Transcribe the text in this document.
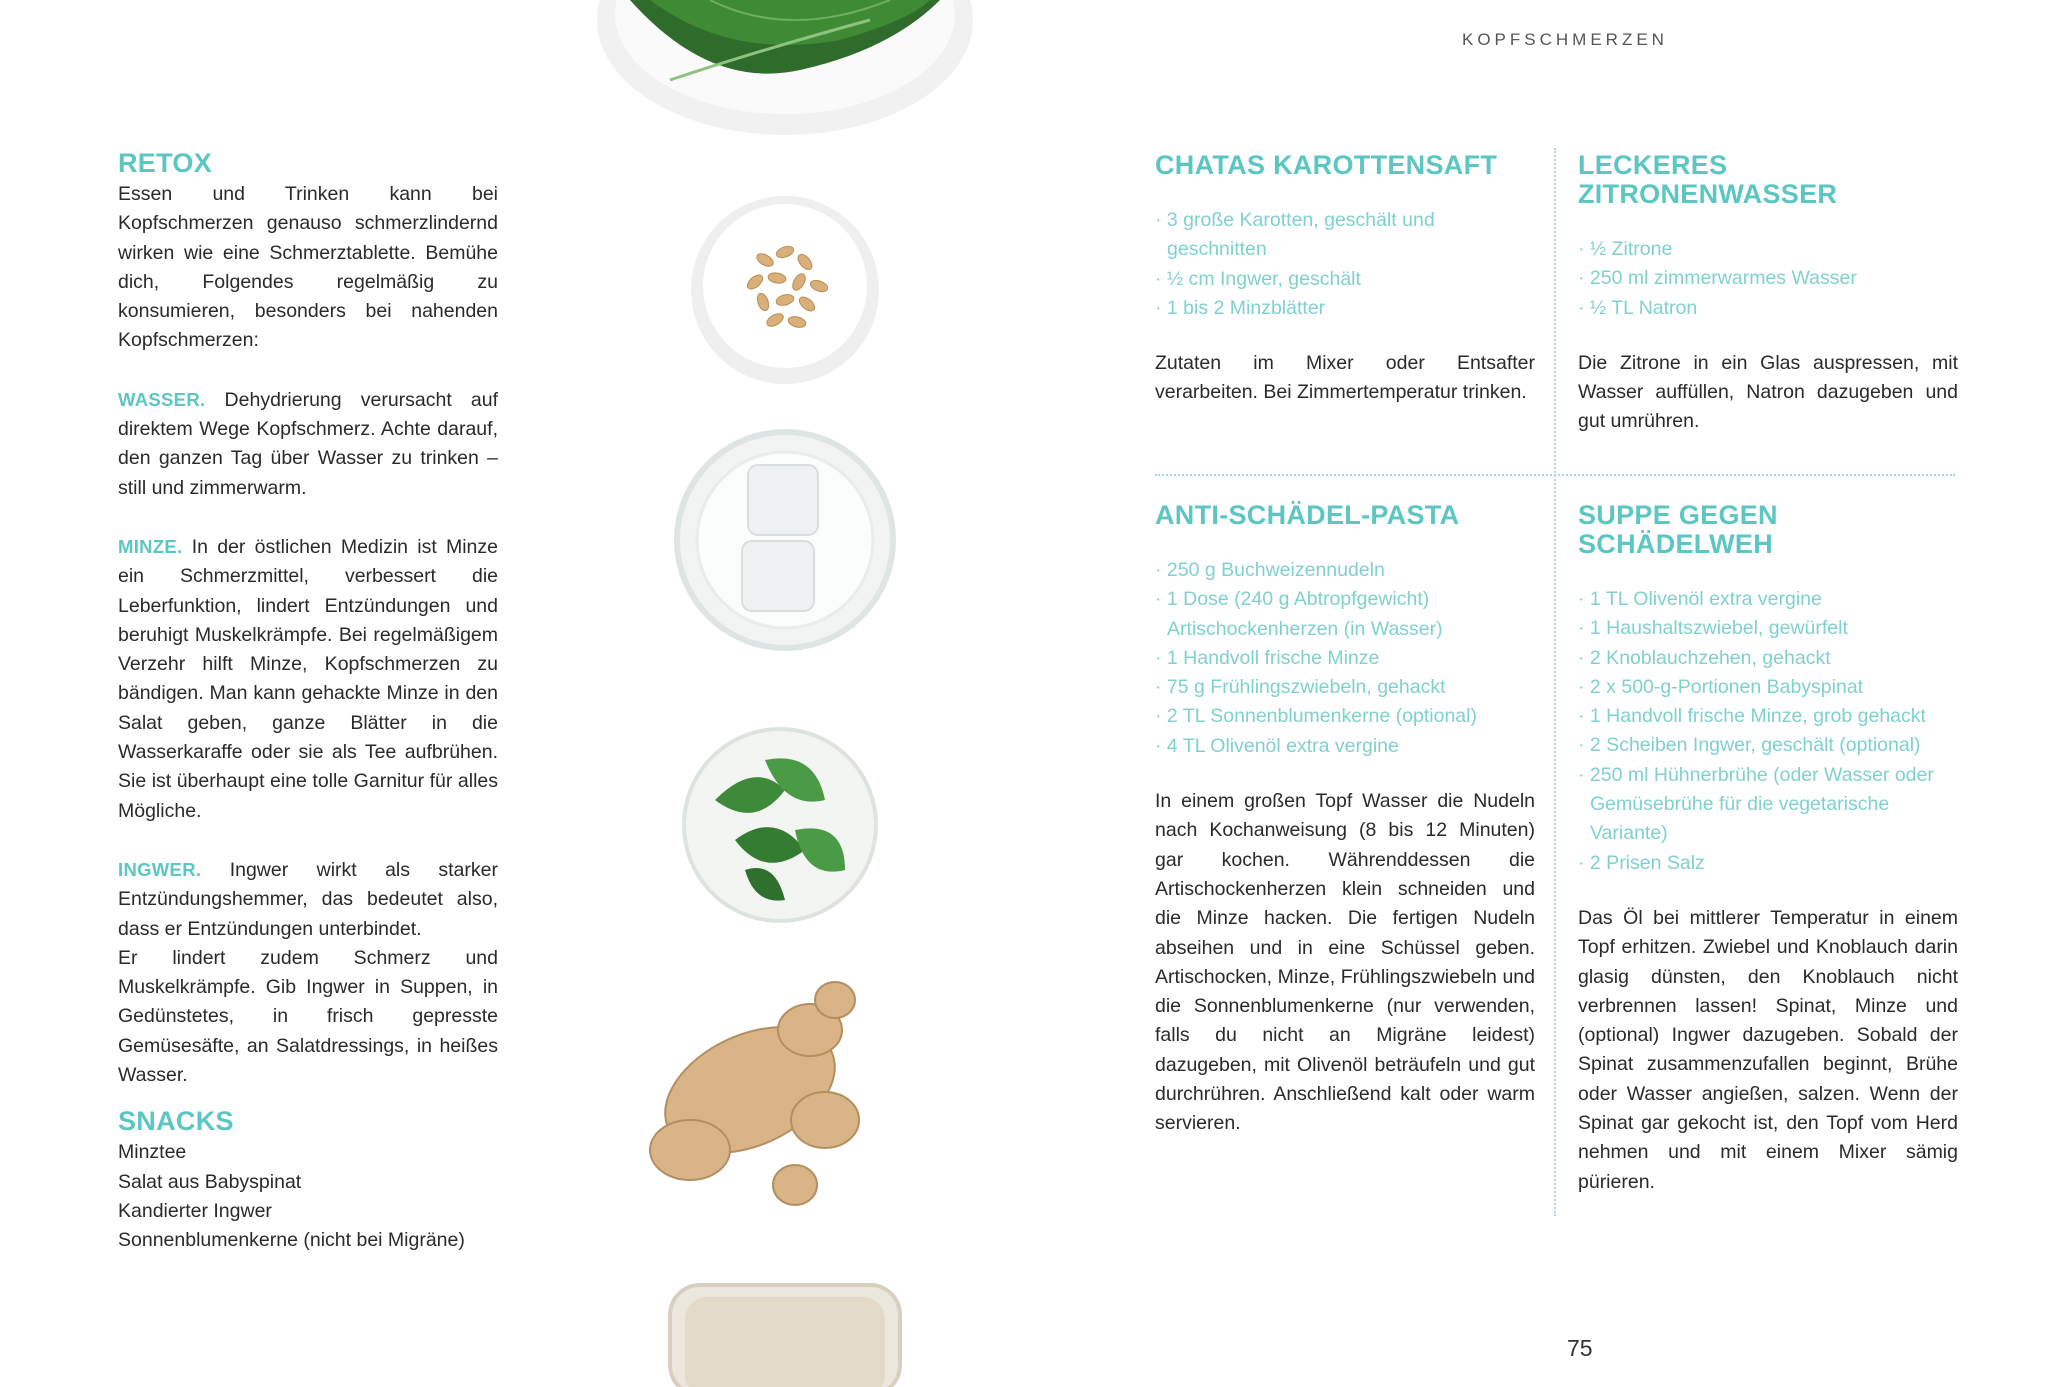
KOPFSCHMERZEN
75
RETOX

Essen und Trinken kann bei Kopfschmerzen genauso schmerzlindernd wirken wie eine Schmerztablette. Bemühe dich, Folgendes regelmäßig zu konsumieren, besonders bei nahenden Kopfschmerzen:

WASSER. Dehydrierung verursacht auf direktem Wege Kopfschmerz. Achte darauf, den ganzen Tag über Wasser zu trinken – still und zimmerwarm.

MINZE. In der östlichen Medizin ist Minze ein Schmerzmittel, verbessert die Leberfunktion, lindert Entzündungen und beruhigt Muskelkrämpfe. Bei regelmäßigem Verzehr hilft Minze, Kopfschmerzen zu bändigen. Man kann gehackte Minze in den Salat geben, ganze Blätter in die Wasserkaraffe oder sie als Tee aufbrühen. Sie ist überhaupt eine tolle Garnitur für alles Mögliche.

INGWER. Ingwer wirkt als starker Entzündungshemmer, das bedeutet also, dass er Entzündungen unterbindet.

Er lindert zudem Schmerz und Muskelkrämpfe. Gib Ingwer in Suppen, in Gedünstetes, in frisch gepresste Gemüsesäfte, an Salatdressings, in heißes Wasser.

SNACKS
Minztee
Salat aus Babyspinat
Kandierter Ingwer
Sonnenblumenkerne (nicht bei Migräne)
CHATAS KAROTTENSAFT
· 3 große Karotten, geschält und geschnitten
· ½ cm Ingwer, geschält
· 1 bis 2 Minzblätter

Zutaten im Mixer oder Entsafter verarbeiten. Bei Zimmertemperatur trinken.

LECKERES ZITRONENWASSER
· ½ Zitrone
· 250 ml zimmerwarmes Wasser
· ½ TL Natron

Die Zitrone in ein Glas auspressen, mit Wasser auffüllen, Natron dazugeben und gut umrühren.

ANTI-SCHÄDEL-PASTA
· 250 g Buchweizennudeln
· 1 Dose (240 g Abtropfgewicht) Artischockenherzen (in Wasser)
· 1 Handvoll frische Minze
· 75 g Frühlingszwiebeln, gehackt
· 2 TL Sonnenblumenkerne (optional)
· 4 TL Olivenöl extra vergine

In einem großen Topf Wasser die Nudeln nach Kochanweisung (8 bis 12 Minuten) gar kochen. Währenddessen die Artischockenherzen klein schneiden und die Minze hacken. Die fertigen Nudeln abseihen und in eine Schüssel geben. Artischocken, Minze, Frühlingszwiebeln und die Sonnenblumenkerne (nur verwenden, falls du nicht an Migräne leidest) dazugeben, mit Olivenöl beträufeln und gut durchrühren. Anschließend kalt oder warm servieren.

SUPPE GEGEN SCHÄDELWEH
· 1 TL Olivenöl extra vergine
· 1 Haushaltszwiebel, gewürfelt
· 2 Knoblauchzehen, gehackt
· 2 x 500-g-Portionen Babyspinat
· 1 Handvoll frische Minze, grob gehackt
· 2 Scheiben Ingwer, geschält (optional)
· 250 ml Hühnerbrühe (oder Wasser oder Gemüsebrühe für die vegetarische Variante)
· 2 Prisen Salz

Das Öl bei mittlerer Temperatur in einem Topf erhitzen. Zwiebel und Knoblauch darin glasig dünsten, den Knoblauch nicht verbrennen lassen! Spinat, Minze und (optional) Ingwer dazugeben. Sobald der Spinat zusammenzufallen beginnt, Brühe oder Wasser angießen, salzen. Wenn der Spinat gar gekocht ist, den Topf vom Herd nehmen und mit einem Mixer sämig pürieren.
